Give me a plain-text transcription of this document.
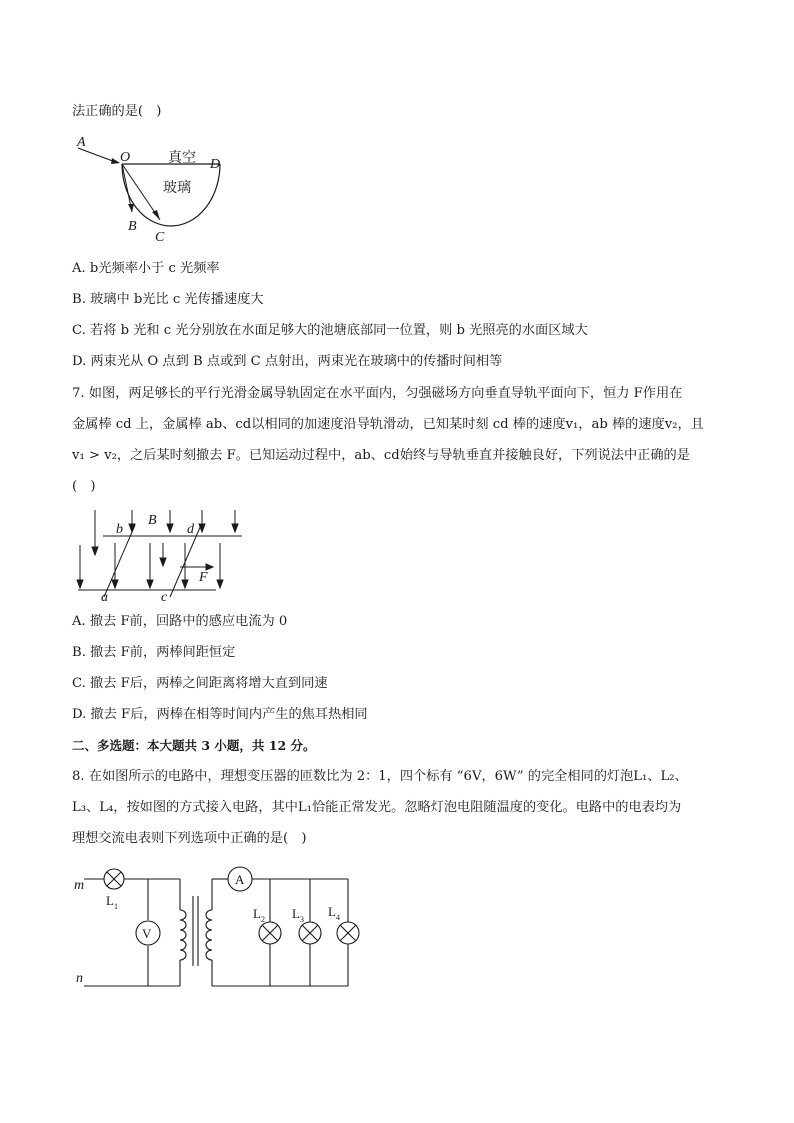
法正确的是(　)
A
O	真空 D
玻璃
B
C
A. b光频率小于 c 光频率
B. 玻璃中 b光比 c 光传播速度大
C. 若将 b 光和 c 光分别放在水面足够大的池塘底部同一位置，则 b 光照亮的水面区域大
D. 两束光从 O 点到 B 点或到 C 点射出，两束光在玻璃中的传播时间相等
7. 如图，两足够长的平行光滑金属导轨固定在水平面内，匀强磁场方向垂直导轨平面向下，恒力 F作用在
金属棒 cd 上，金属棒 ab、cd以相同的加速度沿导轨滑动，已知某时刻 cd 棒的速度v₁，ab 棒的速度v₂，且
v₁ > v₂，之后某时刻撤去 F。已知运动过程中，ab、cd始终与导轨垂直并接触良好，下列说法中正确的是
(　)
b
B
d
F
a	c
A. 撤去 F前，回路中的感应电流为 0
B. 撤去 F前，两棒间距恒定
C. 撤去 F后，两棒之间距离将增大直到同速
D. 撤去 F后，两棒在相等时间内产生的焦耳热相同
二、多选题：本大题共 3 小题，共 12 分。
8. 在如图所示的电路中，理想变压器的匝数比为 2：1，四个标有 “6V，6W” 的完全相同的灯泡L₁、L₂、
L₃、L₄，按如图的方式接入电路，其中L₁恰能正常发光。忽略灯泡电阻随温度的变化。电路中的电表均为
理想交流电表则下列选项中正确的是(　)
m
n
V
A
L 1	L 2 L 3
L 4
